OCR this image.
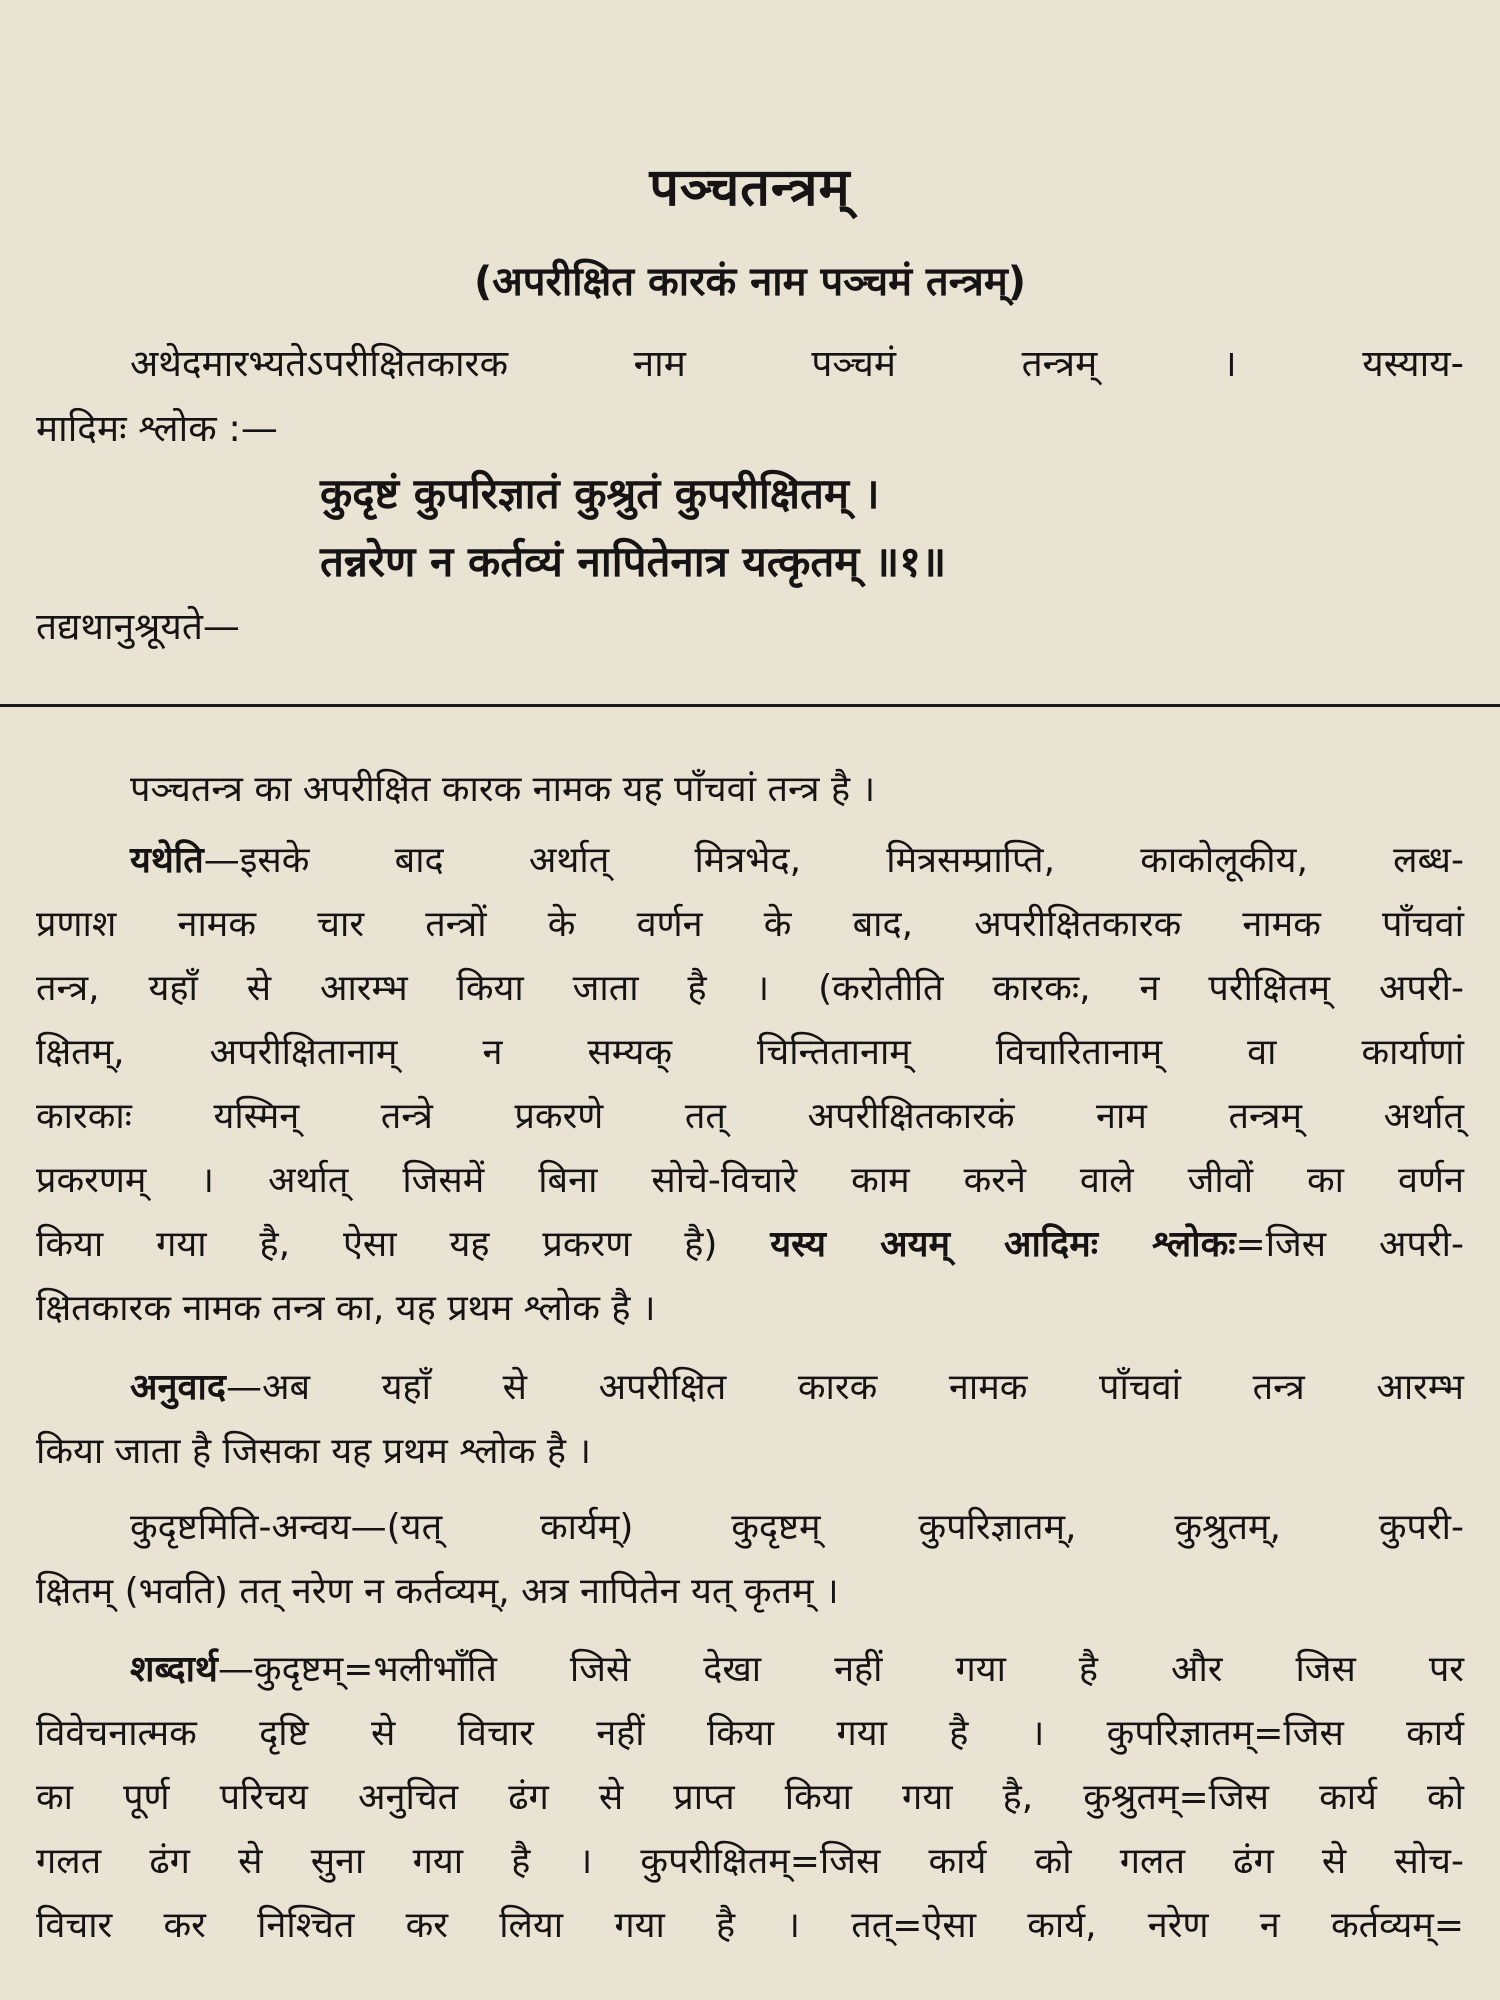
पञ्चतन्त्रम्
(अपरीक्षित कारकं नाम पञ्चमं तन्त्रम्)
अथेदमारभ्यतेऽपरीक्षितकारक नाम पञ्चमं तन्त्रम् । यस्याय-
मादिमः श्लोक :—
कुदृष्टं कुपरिज्ञातं कुश्रुतं कुपरीक्षितम् ।
तन्नरेण न कर्तव्यं नापितेनात्र यत्कृतम् ॥१॥
तद्यथानुश्रूयते—
पञ्चतन्त्र का अपरीक्षित कारक नामक यह पाँचवां तन्त्र है ।
यथेति—इसके बाद अर्थात् मित्रभेद, मित्रसम्प्राप्ति, काकोलूकीय, लब्ध-
प्रणाश नामक चार तन्त्रों के वर्णन के बाद, अपरीक्षितकारक नामक पाँचवां
तन्त्र, यहाँ से आरम्भ किया जाता है । (करोतीति कारकः, न परीक्षितम् अपरी-
क्षितम्, अपरीक्षितानाम् न सम्यक् चिन्तितानाम् विचारितानाम् वा कार्याणां
कारकाः यस्मिन् तन्त्रे प्रकरणे तत् अपरीक्षितकारकं नाम तन्त्रम् अर्थात्
प्रकरणम् । अर्थात् जिसमें बिना सोचे-विचारे काम करने वाले जीवों का वर्णन
किया गया है, ऐसा यह प्रकरण है) यस्य अयम् आदिमः श्लोकः=जिस अपरी-
क्षितकारक नामक तन्त्र का, यह प्रथम श्लोक है ।
अनुवाद—अब यहाँ से अपरीक्षित कारक नामक पाँचवां तन्त्र आरम्भ
किया जाता है जिसका यह प्रथम श्लोक है ।
कुदृष्टमिति-अन्वय—(यत् कार्यम्) कुदृष्टम् कुपरिज्ञातम्, कुश्रुतम्, कुपरी-
क्षितम् (भवति) तत् नरेण न कर्तव्यम्, अत्र नापितेन यत् कृतम् ।
शब्दार्थ—कुदृष्टम्=भलीभाँति जिसे देखा नहीं गया है और जिस पर
विवेचनात्मक दृष्टि से विचार नहीं किया गया है । कुपरिज्ञातम्=जिस कार्य
का पूर्ण परिचय अनुचित ढंग से प्राप्त किया गया है, कुश्रुतम्=जिस कार्य को
गलत ढंग से सुना गया है । कुपरीक्षितम्=जिस कार्य को गलत ढंग से सोच-
विचार कर निश्चित कर लिया गया है । तत्=ऐसा कार्य, नरेण न कर्तव्यम्=
